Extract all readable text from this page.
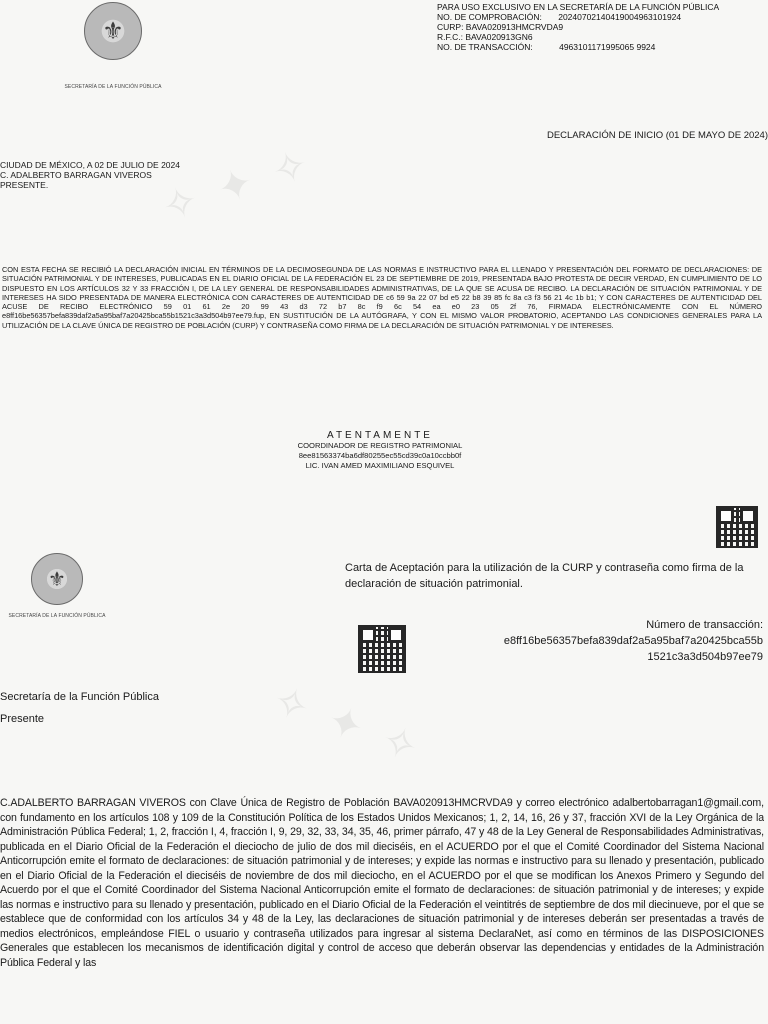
✧ ✦ ✧
✧ ✦ ✧
⚜
SECRETARÍA DE LA FUNCIÓN PÚBLICA
PARA USO EXCLUSIVO EN LA SECRETARÍA DE LA FUNCIÓN PÚBLICA
NO. DE COMPROBACIÓN: 20240702140419004963101924
CURP: BAVA020913HMCRVDA9
R.F.C.: BAVA020913GN6
NO. DE TRANSACCIÓN:	4963101171995065 9924
DECLARACIÓN DE INICIO (01 DE MAYO DE 2024)
CIUDAD DE MÉXICO, A 02 DE JULIO DE 2024
C. ADALBERTO BARRAGAN VIVEROS
PRESENTE.
CON ESTA FECHA SE RECIBIÓ LA DECLARACIÓN INICIAL EN TÉRMINOS DE LA DECIMOSEGUNDA DE LAS NORMAS E INSTRUCTIVO PARA EL LLENADO Y PRESENTACIÓN DEL FORMATO DE DECLARACIONES: DE SITUACIÓN PATRIMONIAL Y DE INTERESES, PUBLICADAS EN EL DIARIO OFICIAL DE LA FEDERACIÓN EL 23 DE SEPTIEMBRE DE 2019, PRESENTADA BAJO PROTESTA DE DECIR VERDAD, EN CUMPLIMIENTO DE LO DISPUESTO EN LOS ARTÍCULOS 32 Y 33 FRACCIÓN I, DE LA LEY GENERAL DE RESPONSABILIDADES ADMINISTRATIVAS, DE LA QUE SE ACUSA DE RECIBO. LA DECLARACIÓN DE SITUACIÓN PATRIMONIAL Y DE INTERESES HA SIDO PRESENTADA DE MANERA ELECTRÓNICA CON CARACTERES DE AUTENTICIDAD DE c6 59 9a 22 07 bd e5 22 b8 39 85 fc 8a c3 f3 56 21 4c 1b b1; Y CON CARACTERES DE AUTENTICIDAD DEL ACUSE DE RECIBO ELECTRÓNICO 59 01 61 2e 20 99 43 d3 72 b7 8c f9 6c 54 ea e0 23 05 2f 76, FIRMADA ELECTRÓNICAMENTE CON EL NÚMERO e8ff16be56357befa839daf2a5a95baf7a20425bca55b1521c3a3d504b97ee79.fup, EN SUSTITUCIÓN DE LA AUTÓGRAFA, Y CON EL MISMO VALOR PROBATORIO, ACEPTANDO LAS CONDICIONES GENERALES PARA LA UTILIZACIÓN DE LA CLAVE ÚNICA DE REGISTRO DE POBLACIÓN (CURP) Y CONTRASEÑA COMO FIRMA DE LA DECLARACIÓN DE SITUACIÓN PATRIMONIAL Y DE INTERESES.
ATENTAMENTE
COORDINADOR DE REGISTRO PATRIMONIAL
8ee81563374ba6df80255ec55cd39c0a10ccbb0f
LIC. IVAN AMED MAXIMILIANO ESQUIVEL
⚜
SECRETARÍA DE LA FUNCIÓN PÚBLICA
Carta de Aceptación para la utilización de la CURP y contraseña como firma de la declaración de situación patrimonial.
Número de transacción:
e8ff16be56357befa839daf2a5a95baf7a20425bca55b
1521c3a3d504b97ee79
Secretaría de la Función Pública
Presente
C.ADALBERTO BARRAGAN VIVEROS con Clave Única de Registro de Población BAVA020913HMCRVDA9 y correo electrónico adalbertobarragan1@gmail.com, con fundamento en los artículos 108 y 109 de la Constitución Política de los Estados Unidos Mexicanos; 1, 2, 14, 16, 26 y 37, fracción XVI de la Ley Orgánica de la Administración Pública Federal; 1, 2, fracción I, 4, fracción I, 9, 29, 32, 33, 34, 35, 46, primer párrafo, 47 y 48 de la Ley General de Responsabilidades Administrativas, publicada en el Diario Oficial de la Federación el dieciocho de julio de dos mil dieciséis, en el ACUERDO por el que el Comité Coordinador del Sistema Nacional Anticorrupción emite el formato de declaraciones: de situación patrimonial y de intereses; y expide las normas e instructivo para su llenado y presentación, publicado en el Diario Oficial de la Federación el dieciséis de noviembre de dos mil dieciocho, en el ACUERDO por el que se modifican los Anexos Primero y Segundo del Acuerdo por el que el Comité Coordinador del Sistema Nacional Anticorrupción emite el formato de declaraciones: de situación patrimonial y de intereses; y expide las normas e instructivo para su llenado y presentación, publicado en el Diario Oficial de la Federación el veintitrés de septiembre de dos mil diecinueve, por el que se establece que de conformidad con los artículos 34 y 48 de la Ley, las declaraciones de situación patrimonial y de intereses deberán ser presentadas a través de medios electrónicos, empleándose FIEL o usuario y contraseña utilizados para ingresar al sistema DeclaraNet, así como en términos de las DISPOSICIONES Generales que establecen los mecanismos de identificación digital y control de acceso que deberán observar las dependencias y entidades de la Administración Pública Federal y las
